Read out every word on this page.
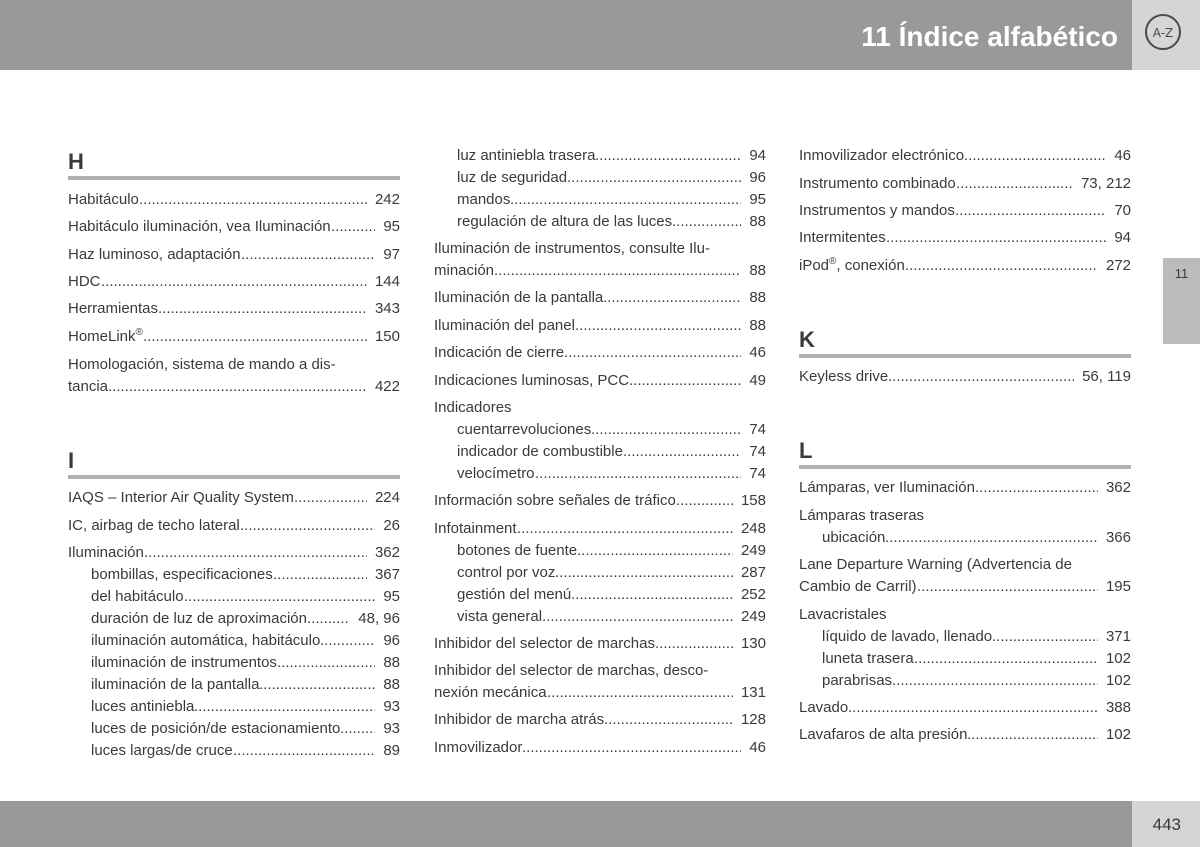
11 Índice alfabético	A-Z
11
H
Habitáculo .....	242
Habitáculo iluminación, vea Iluminación .....	95
Haz luminoso, adaptación .....	97
HDC .....	144
Herramientas .....	343
HomeLink® .....	150
Homologación, sistema de mando a dis-
tancia .....	422
I
IAQS – Interior Air Quality System .....	224
IC, airbag de techo lateral .....	26
Iluminación .....	362
bombillas, especificaciones .....	367
del habitáculo .....	95
duración de luz de aproximación .....	48, 96
iluminación automática, habitáculo .....	96
iluminación de instrumentos .....	88
iluminación de la pantalla .....	88
luces antiniebla .....	93
luces de posición/de estacionamiento .....	93
luces largas/de cruce .....	89
luz antiniebla trasera .....	94
luz de seguridad .....	96
mandos .....	95
regulación de altura de las luces .....	88
Iluminación de instrumentos, consulte Ilu-
minación .....	88
Iluminación de la pantalla .....	88
Iluminación del panel .....	88
Indicación de cierre .....	46
Indicaciones luminosas, PCC .....	49
Indicadores
cuentarrevoluciones .....	74
indicador de combustible .....	74
velocímetro .....	74
Información sobre señales de tráfico .....	158
Infotainment .....	248
botones de fuente .....	249
control por voz .....	287
gestión del menú .....	252
vista general .....	249
Inhibidor del selector de marchas .....	130
Inhibidor del selector de marchas, desco-
nexión mecánica .....	131
Inhibidor de marcha atrás .....	128
Inmovilizador .....	46
Inmovilizador electrónico .....	46
Instrumento combinado .....	73, 212
Instrumentos y mandos .....	70
Intermitentes .....	94
iPod®, conexión .....	272
K
Keyless drive .....	56, 119
L
Lámparas, ver Iluminación .....	362
Lámparas traseras
ubicación .....	366
Lane Departure Warning (Advertencia de
Cambio de Carril) .....	195
Lavacristales
líquido de lavado, llenado .....	371
luneta trasera .....	102
parabrisas .....	102
Lavado .....	388
Lavafaros de alta presión .....	102
443
